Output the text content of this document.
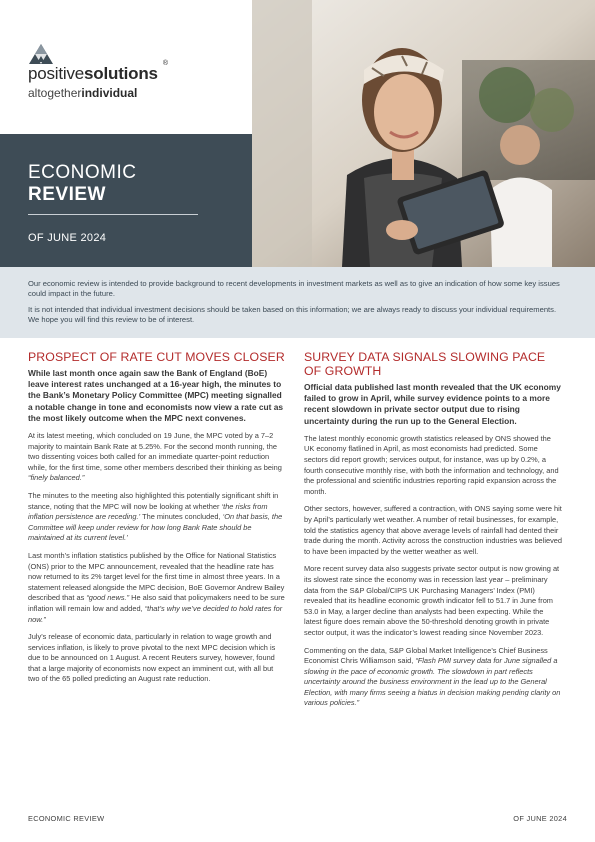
positivesolutions
®
altogetherindividual
ECONOMIC
REVIEW
OF JUNE 2024

Our economic review is intended to provide background to recent developments in investment markets as well as to give an indication of how some key issues could impact in the future.

It is not intended that individual investment decisions should be taken based on this information; we are always ready to discuss your individual requirements. We hope you will find this review to be of interest.

PROSPECT OF RATE CUT MOVES CLOSER

While last month once again saw the Bank of England (BoE) leave interest rates unchanged at a 16-year high, the minutes to the Bank’s Monetary Policy Committee (MPC) meeting signalled a notable change in tone and economists now view a rate cut as the most likely outcome when the MPC next convenes.

At its latest meeting, which concluded on 19 June, the MPC voted by a 7–2 majority to maintain Bank Rate at 5.25%. For the second month running, the two dissenting voices both called for an immediate quarter-point reduction while, for the first time, some other members described their thinking as being “finely balanced.”

The minutes to the meeting also highlighted this potentially significant shift in stance, noting that the MPC will now be looking at whether ‘the risks from inflation persistence are receding.’ The minutes concluded, ‘On that basis, the Committee will keep under review for how long Bank Rate should be maintained at its current level.’

Last month’s inflation statistics published by the Office for National Statistics (ONS) prior to the MPC announcement, revealed that the headline rate has now returned to its 2% target level for the first time in almost three years. In a statement released alongside the MPC decision, BoE Governor Andrew Bailey described that as “good news.” He also said that policymakers need to be sure inflation will remain low and added, “that’s why we’ve decided to hold rates for now.”

July’s release of economic data, particularly in relation to wage growth and services inflation, is likely to prove pivotal to the next MPC decision which is due to be announced on 1 August. A recent Reuters survey, however, found that a large majority of economists now expect an imminent cut, with all but two of the 65 polled predicting an August rate reduction.

SURVEY DATA SIGNALS SLOWING PACE OF GROWTH

Official data published last month revealed that the UK economy failed to grow in April, while survey evidence points to a more recent slowdown in private sector output due to rising uncertainty during the run up to the General Election.

The latest monthly economic growth statistics released by ONS showed the UK economy flatlined in April, as most economists had predicted. Some sectors did report growth; services output, for instance, was up by 0.2%, a fourth consecutive monthly rise, with both the information and technology, and the professional and scientific industries reporting rapid expansion across the month.

Other sectors, however, suffered a contraction, with ONS saying some were hit by April’s particularly wet weather. A number of retail businesses, for example, told the statistics agency that above average levels of rainfall had dented their trade during the month. Activity across the construction industries was believed to have been impacted by the wetter weather as well.

More recent survey data also suggests private sector output is now growing at its slowest rate since the economy was in recession last year – preliminary data from the S&P Global/CIPS UK Purchasing Managers’ Index (PMI) revealed that its headline economic growth indicator fell to 51.7 in June from 53.0 in May, a larger decline than analysts had been expecting. While the latest figure does remain above the 50-threshold denoting growth in private sector output, it was the indicator’s lowest reading since November 2023.

Commenting on the data, S&P Global Market Intelligence’s Chief Business Economist Chris Williamson said, “Flash PMI survey data for June signalled a slowing in the pace of economic growth. The slowdown in part reflects uncertainty around the business environment in the lead up to the General Election, with many firms seeing a hiatus in decision making pending clarity on various policies.”

ECONOMIC REVIEW	OF JUNE 2024
